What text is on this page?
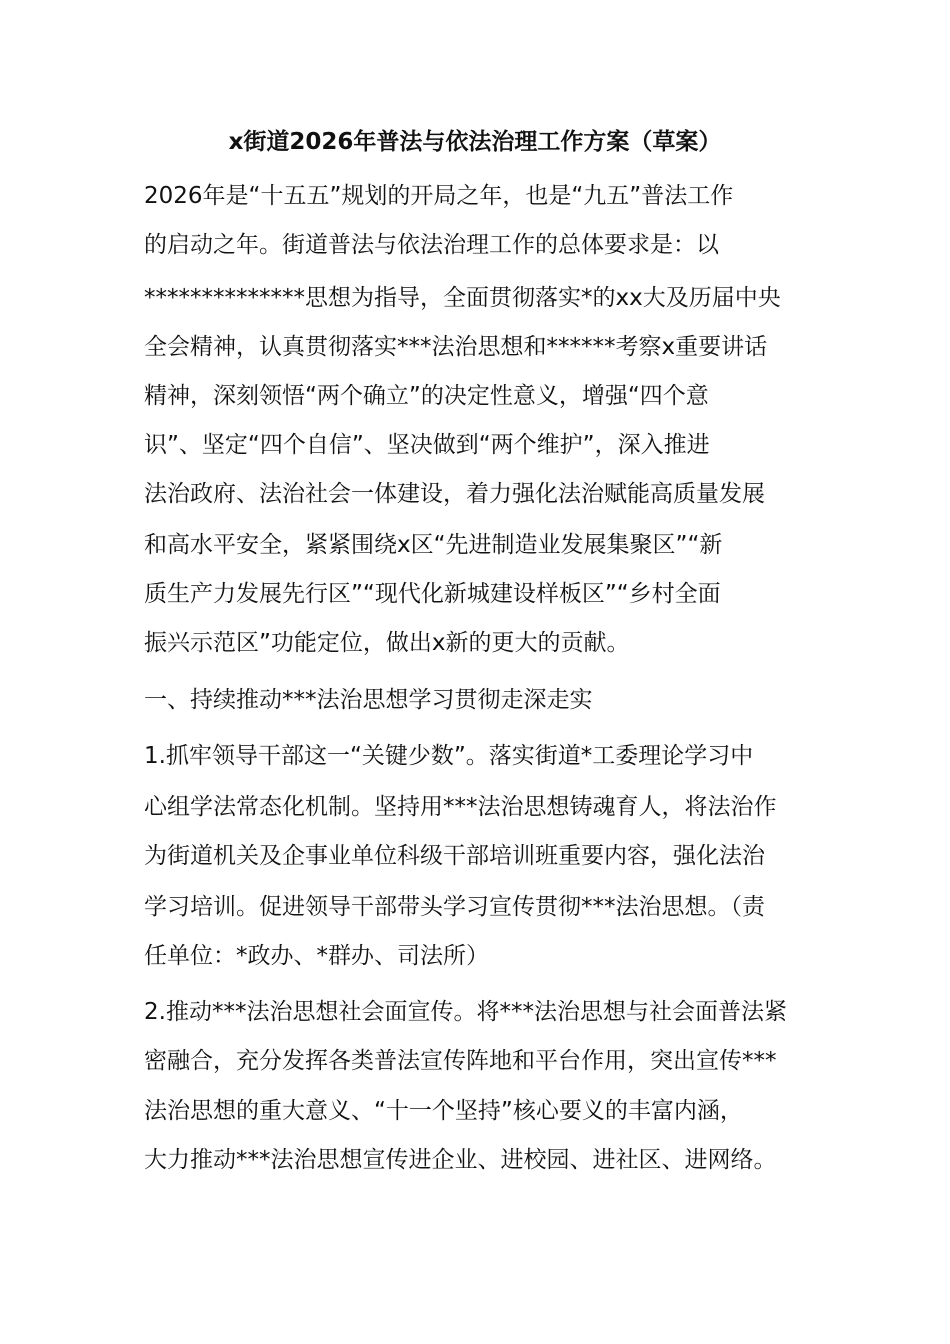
x街道2026年普法与依法治理工作方案（草案）
2026年是“十五五”规划的开局之年，也是“九五”普法工作
的启动之年。街道普法与依法治理工作的总体要求是：以
**************思想为指导，全面贯彻落实*的xx大及历届中央
全会精神，认真贯彻落实***法治思想和******考察x重要讲话
精神，深刻领悟“两个确立”的决定性意义，增强“四个意
识”、坚定“四个自信”、坚决做到“两个维护”，深入推进
法治政府、法治社会一体建设，着力强化法治赋能高质量发展
和高水平安全，紧紧围绕x区“先进制造业发展集聚区”“新
质生产力发展先行区”“现代化新城建设样板区”“乡村全面
振兴示范区”功能定位，做出x新的更大的贡献。
一、持续推动***法治思想学习贯彻走深走实
1.抓牢领导干部这一“关键少数”。落实街道*工委理论学习中
心组学法常态化机制。坚持用***法治思想铸魂育人，将法治作
为街道机关及企事业单位科级干部培训班重要内容，强化法治
学习培训。促进领导干部带头学习宣传贯彻***法治思想。（责
任单位：*政办、*群办、司法所）
2.推动***法治思想社会面宣传。将***法治思想与社会面普法紧
密融合，充分发挥各类普法宣传阵地和平台作用，突出宣传***
法治思想的重大意义、“十一个坚持”核心要义的丰富内涵，
大力推动***法治思想宣传进企业、进校园、进社区、进网络。
